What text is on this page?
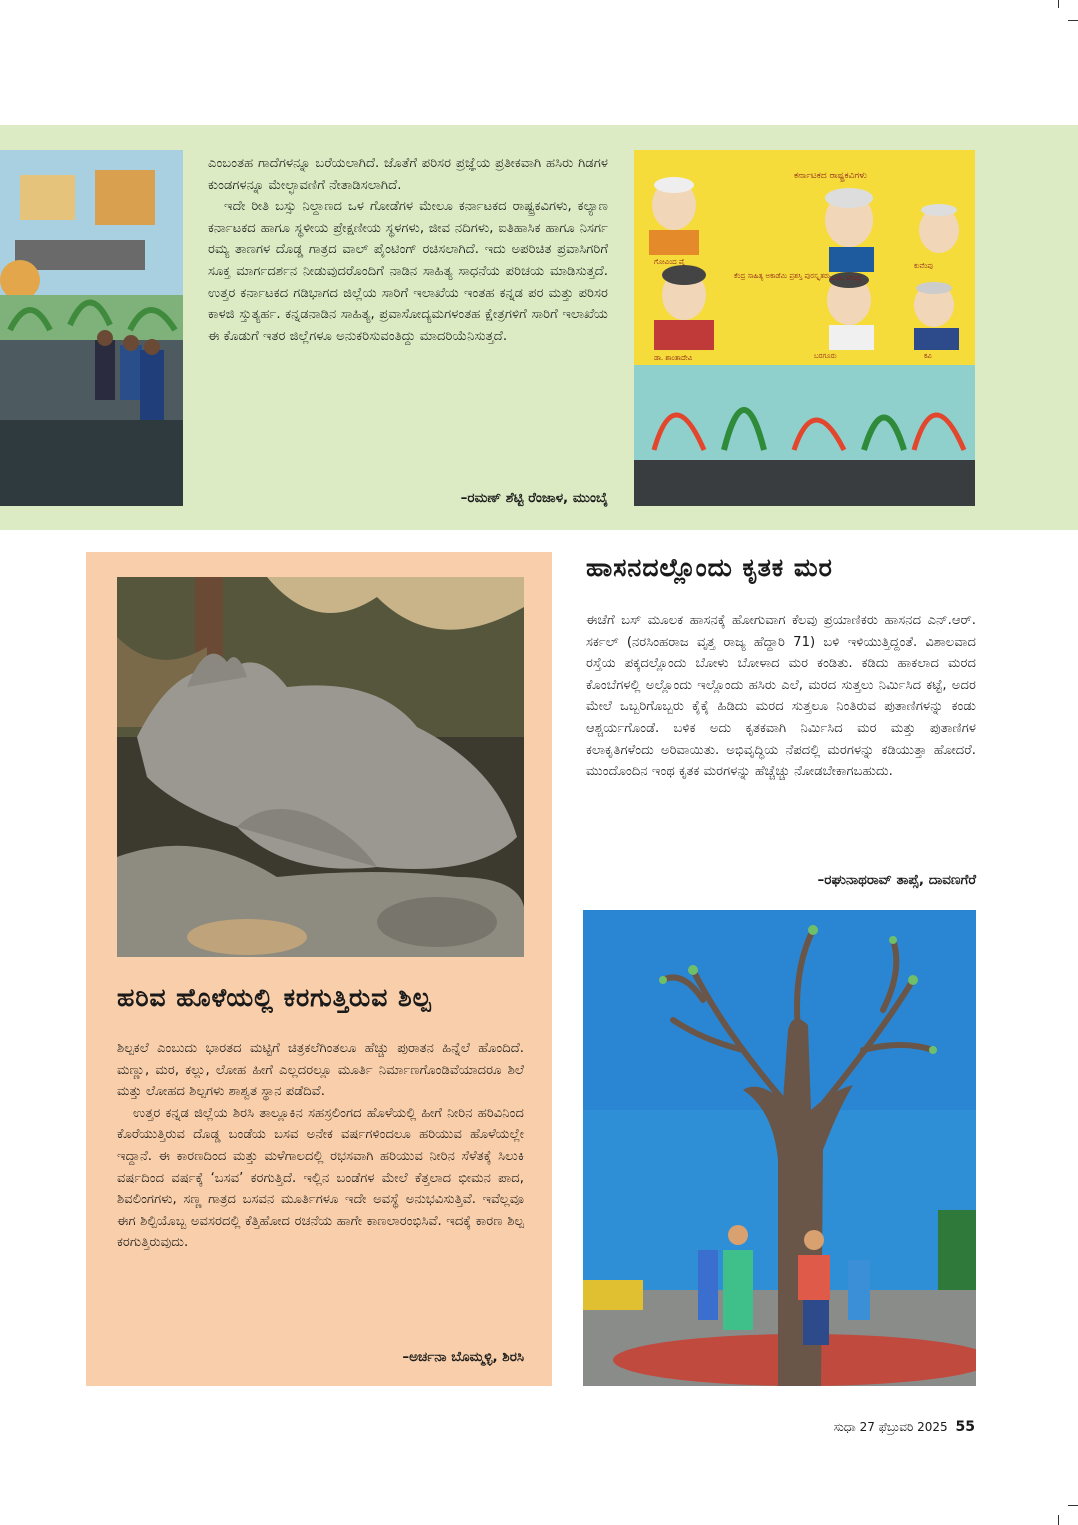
ಎಂಬಂತಹ ಗಾದೆಗಳನ್ನೂ ಬರೆಯಲಾಗಿದೆ. ಜೊತೆಗೆ ಪರಿಸರ ಪ್ರಜ್ಞೆಯ ಪ್ರತೀಕವಾಗಿ ಹಸಿರು ಗಿಡಗಳ ಕುಂಡಗಳನ್ನೂ ಮೇಲ್ಛಾವಣಿಗೆ ನೇತಾಡಿಸಲಾಗಿದೆ.

ಇದೇ ರೀತಿ ಬಸ್ಸು ನಿಲ್ದಾಣದ ಒಳ ಗೋಡೆಗಳ ಮೇಲೂ ಕರ್ನಾಟಕದ ರಾಷ್ಟ್ರಕವಿಗಳು, ಕಲ್ಯಾಣ ಕರ್ನಾಟಕದ ಹಾಗೂ ಸ್ಥಳೀಯ ಪ್ರೇಕ್ಷಣೀಯ ಸ್ಥಳಗಳು, ಜೀವ ನದಿಗಳು, ಐತಿಹಾಸಿಕ ಹಾಗೂ ನಿಸರ್ಗ ರಮ್ಯ ತಾಣಗಳ ದೊಡ್ಡ ಗಾತ್ರದ ವಾಲ್ ಪೈಂಟಿಂಗ್ ರಚಿಸಲಾಗಿದೆ. ಇದು ಅಪರಿಚಿತ ಪ್ರವಾಸಿಗರಿಗೆ ಸೂಕ್ತ ಮಾರ್ಗದರ್ಶನ ನೀಡುವುದರೊಂದಿಗೆ ನಾಡಿನ ಸಾಹಿತ್ಯ ಸಾಧನೆಯ ಪರಿಚಯ ಮಾಡಿಸುತ್ತದೆ. ಉತ್ತರ ಕರ್ನಾಟಕದ ಗಡಿಭಾಗದ ಜಿಲ್ಲೆಯ ಸಾರಿಗೆ ಇಲಾಖೆಯ ಇಂತಹ ಕನ್ನಡ ಪರ ಮತ್ತು ಪರಿಸರ ಕಾಳಜಿ ಸ್ತುತ್ಯರ್ಹ. ಕನ್ನಡನಾಡಿನ ಸಾಹಿತ್ಯ, ಪ್ರವಾಸೋದ್ಯಮಗಳಂತಹ ಕ್ಷೇತ್ರಗಳಿಗೆ ಸಾರಿಗೆ ಇಲಾಖೆಯ ಈ ಕೊಡುಗೆ ಇತರ ಜಿಲ್ಲೆಗಳೂ ಅನುಕರಿಸುವಂತಿದ್ದು ಮಾದರಿಯೆನಿಸುತ್ತದೆ.

–ರಮಣ್ ಶೆಟ್ಟಿ ರೆಂಜಾಳ, ಮುಂಬೈ
ಕರ್ನಾಟಕದ ರಾಷ್ಟ್ರಕವಿಗಳು
ಗೋವಿಂದ ಪೈ
ದ.ರಾ. ಬೇಂದ್ರೆ
ಕುವೆಂಪು
ಕೆಂದ್ರ ಸಾಹಿತ್ಯ ಅಕಾಡೆಮಿ ಪ್ರಶಸ್ತಿ ಪುರಸ್ಕೃತರು
ಡಾ. ಶಾಂತಾದೇವಿ	ಬರಗೂರು	ಕವಿ
ಹರಿವ ಹೊಳೆಯಲ್ಲಿ ಕರಗುತ್ತಿರುವ ಶಿಲ್ಪ

ಶಿಲ್ಪಕಲೆ ಎಂಬುದು ಭಾರತದ ಮಟ್ಟಿಗೆ ಚಿತ್ರಕಲೆಗಿಂತಲೂ ಹೆಚ್ಚು ಪುರಾತನ ಹಿನ್ನೆಲೆ ಹೊಂದಿದೆ. ಮಣ್ಣು, ಮರ, ಕಲ್ಲು, ಲೋಹ ಹೀಗೆ ಎಲ್ಲದರಲ್ಲೂ ಮೂರ್ತಿ ನಿರ್ಮಾಣಗೊಂಡಿವೆಯಾದರೂ ಶಿಲೆ ಮತ್ತು ಲೋಹದ ಶಿಲ್ಪಗಳು ಶಾಶ್ವತ ಸ್ಥಾನ ಪಡೆದಿವೆ.

ಉತ್ತರ ಕನ್ನಡ ಜಿಲ್ಲೆಯ ಶಿರಸಿ ತಾಲ್ಲೂಕಿನ ಸಹಸ್ರಲಿಂಗದ ಹೊಳೆಯಲ್ಲಿ ಹೀಗೆ ನೀರಿನ ಹರಿವಿನಿಂದ ಕೊರೆಯುತ್ತಿರುವ ದೊಡ್ಡ ಬಂಡೆಯ ಬಸವ ಅನೇಕ ವರ್ಷಗಳಿಂದಲೂ ಹರಿಯುವ ಹೊಳೆಯಲ್ಲೇ ಇದ್ದಾನೆ. ಈ ಕಾರಣದಿಂದ ಮತ್ತು ಮಳೆಗಾಲದಲ್ಲಿ ರಭಸವಾಗಿ ಹರಿಯುವ ನೀರಿನ ಸೆಳೆತಕ್ಕೆ ಸಿಲುಕಿ ವರ್ಷದಿಂದ ವರ್ಷಕ್ಕೆ ‘ಬಸವ’ ಕರಗುತ್ತಿದೆ. ಇಲ್ಲಿನ ಬಂಡೆಗಳ ಮೇಲೆ ಕೆತ್ತಲಾದ ಭೀಮನ ಪಾದ, ಶಿವಲಿಂಗಗಳು, ಸಣ್ಣ ಗಾತ್ರದ ಬಸವನ ಮೂರ್ತಿಗಳೂ ಇದೇ ಅವಸ್ಥೆ ಅನುಭವಿಸುತ್ತಿವೆ. ಇವೆಲ್ಲವೂ ಈಗ ಶಿಲ್ಪಿಯೊಬ್ಬ ಅವಸರದಲ್ಲಿ ಕೆತ್ತಿಹೋದ ರಚನೆಯ ಹಾಗೇ ಕಾಣಲಾರಂಭಿಸಿವೆ. ಇದಕ್ಕೆ ಕಾರಣ ಶಿಲ್ಪ ಕರಗುತ್ತಿರುವುದು.

–ಅರ್ಚನಾ ಬೊಮ್ಮಳ್ಳಿ, ಶಿರಸಿ
ಹಾಸನದಲ್ಲೊಂದು ಕೃತಕ ಮರ

ಈಚೆಗೆ ಬಸ್ ಮೂಲಕ ಹಾಸನಕ್ಕೆ ಹೋಗುವಾಗ ಕೆಲವು ಪ್ರಯಾಣಿಕರು ಹಾಸನದ ಎನ್.ಆರ್. ಸರ್ಕಲ್ (ನರಸಿಂಹರಾಜ ವೃತ್ತ ರಾಜ್ಯ ಹೆದ್ದಾರಿ 71) ಬಳಿ ಇಳಿಯುತ್ತಿದ್ದಂತೆ. ವಿಶಾಲವಾದ ರಸ್ತೆಯ ಪಕ್ಕದಲ್ಲೊಂದು ಬೋಳು ಬೋಳಾದ ಮರ ಕಂಡಿತು. ಕಡಿದು ಹಾಕಲಾದ ಮರದ ಕೊಂಬೆಗಳಲ್ಲಿ ಅಲ್ಲೊಂದು ಇಲ್ಲೊಂದು ಹಸಿರು ಎಲೆ, ಮರದ ಸುತ್ತಲು ನಿರ್ಮಿಸಿದ ಕಟ್ಟೆ, ಅದರ ಮೇಲೆ ಒಬ್ಬರಿಗೊಬ್ಬರು ಕೈಕೈ ಹಿಡಿದು ಮರದ ಸುತ್ತಲೂ ನಿಂತಿರುವ ಪುತಾಣಿಗಳನ್ನು ಕಂಡು ಆಶ್ಚರ್ಯಗೊಂಡೆ. ಬಳಿಕ ಅದು ಕೃತಕವಾಗಿ ನಿರ್ಮಿಸಿದ ಮರ ಮತ್ತು ಪುತಾಣಿಗಳ ಕಲಾಕೃತಿಗಳೆಂದು ಅರಿವಾಯಿತು. ಅಭಿವೃದ್ಧಿಯ ನೆಪದಲ್ಲಿ ಮರಗಳನ್ನು ಕಡಿಯುತ್ತಾ ಹೋದರೆ. ಮುಂದೊಂದಿನ ಇಂಥ ಕೃತಕ ಮರಗಳನ್ನು ಹೆಚ್ಚೆಚ್ಚು ನೋಡಬೇಕಾಗಬಹುದು.

–ರಘುನಾಥರಾವ್ ತಾಪ್ಸೆ, ದಾವಣಗೆರೆ
ಸುಧಾ 27 ಫೆಬ್ರುವರಿ 2025 55
